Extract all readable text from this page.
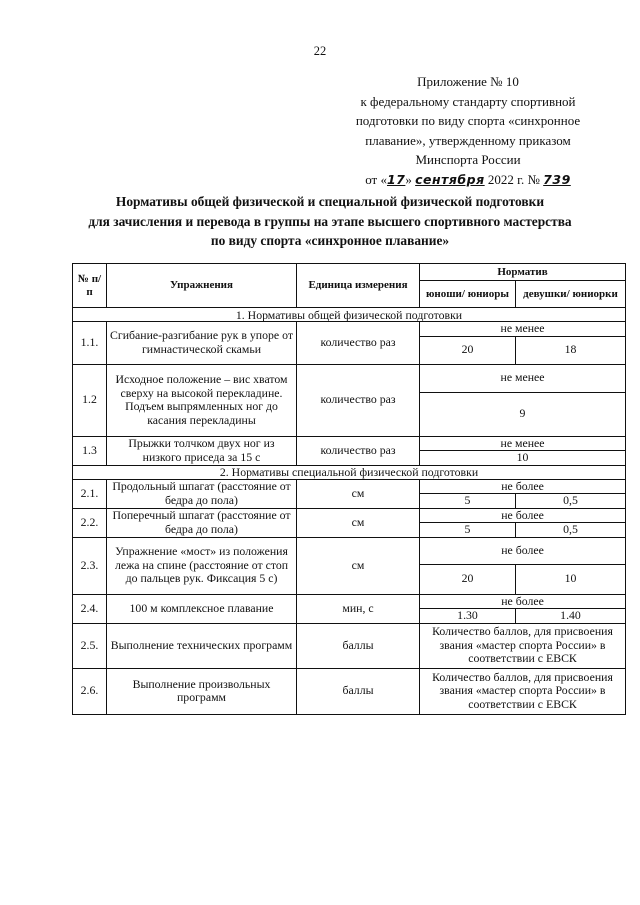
22
Приложение № 10
к федеральному стандарту спортивной
подготовки по виду спорта «синхронное
плавание», утвержденному приказом
Минспорта России
от «17» сентября 2022 г. № 739
Нормативы общей физической и специальной физической подготовки
для зачисления и перевода в группы на этапе высшего спортивного мастерства
по виду спорта «синхронное плавание»
№ п/п	Упражнения	Единица измерения	Норматив	
			юноши/ юниоры	девушки/ юниорки
1. Нормативы общей физической подготовки				
1.1.	Сгибание-разгибание рук в упоре от гимнастической скамьи	количество раз	не менее	
			20	18
1.2	Исходное положение – вис хватом сверху на высокой перекладине. Подъем выпрямленных ног до касания перекладины	количество раз	не менее	
			9	
1.3	Прыжки толчком двух ног из низкого приседа за 15 с	количество раз	не менее	
			10	
2. Нормативы специальной физической подготовки				
2.1.	Продольный шпагат (расстояние от бедра до пола)	см	не более	
			5	0,5
2.2.	Поперечный шпагат (расстояние от бедра до пола)	см	не более	
			5	0,5
2.3.	Упражнение «мост» из положения лежа на спине (расстояние от стоп до пальцев рук. Фиксация 5 с)	см	не более	
			20	10
2.4.	100 м комплексное плавание	мин, с	не более	
			1.30	1.40
2.5.	Выполнение технических программ	баллы	Количество баллов, для присвоения звания «мастер спорта России» в соответствии с ЕВСК	
2.6.	Выполнение произвольных программ	баллы	Количество баллов, для присвоения звания «мастер спорта России» в соответствии с ЕВСК	
